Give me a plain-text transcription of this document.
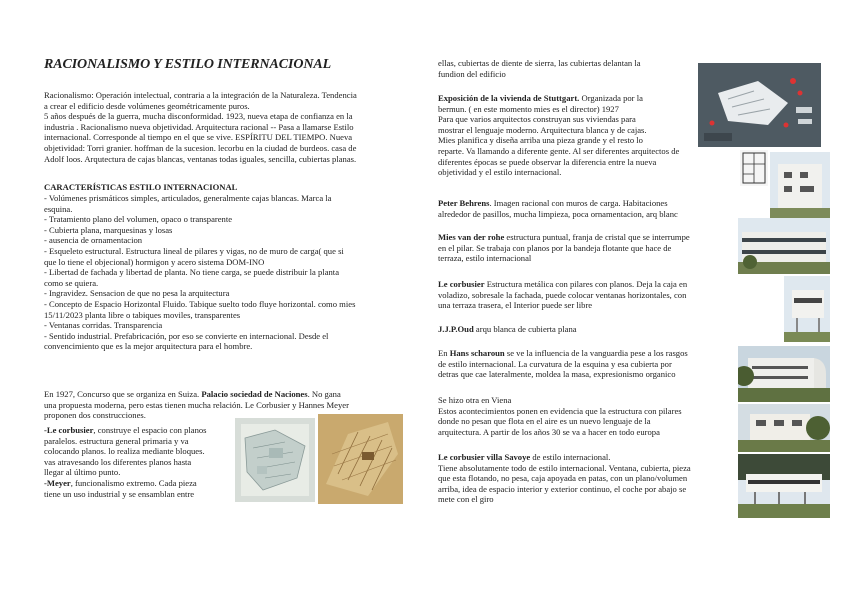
RACIONALISMO Y ESTILO INTERNACIONAL
Racionalismo: Operación intelectual, contraria a la integración de la Naturaleza. Tendencia
a crear el edificio desde volúmenes geométricamente puros.
5 años después de la guerra, mucha disconformidad. 1923, nueva etapa de confianza en la
industria . Racionalismo nueva objetividad. Arquitectura racional -- Pasa a llamarse Estilo
internacional. Corresponde al tiempo en el que se vive. ESPÍRITU DEL TIEMPO. Nueva
objetividad: Torri granier. hoffman de la sucesion. lecorbu en la ciudad de burdeos. casa de
Adolf loos. Arqutectura de cajas blancas, ventanas todas iguales, sencilla, cubiertas planas.
CARACTERÍSTICAS ESTILO INTERNACIONAL
- Volúmenes prismáticos simples, articulados, generalmente cajas blancas. Marca la
esquina.
- Tratamiento plano del volumen, opaco o transparente
- Cubierta plana, marquesinas y losas
- ausencia de ornamentacion
- Esqueleto estructural. Estructura lineal de pilares y vigas, no de muro de carga( que si
que lo tiene el objecional) hormigon y acero sistema DOM-INO
- Libertad de fachada y libertad de planta. No tiene carga, se puede distribuir la planta
como se quiera.
- Ingravidez. Sensacion de que no pesa la arquitectura
- Concepto de Espacio Horizontal Fluido. Tabique suelto todo fluye horizontal. como mies
15/11/2023 planta libre o tabiques moviles, transparentes
- Ventanas corridas. Transparencia
- Sentido industrial. Prefabricación, por eso se convierte en internacional. Desde el
convencimiento que es la mejor arquitectura para el hombre.
En 1927, Concurso que se organiza en Suiza. Palacio sociedad de Naciones. No gana
una propuesta moderna, pero estas tienen mucha relación. Le Corbusier y Hannes Meyer
proponen dos construcciones.
-Le corbusier, construye el espacio con planos
paralelos. estructura general primaria y va
colocando planos. lo realiza mediante bloques.
vas atravesando los diferentes planos hasta
llegar al último punto.
-Meyer, funcionalismo extremo. Cada pieza
tiene un uso industrial y se ensamblan entre
ellas, cubiertas de diente de sierra, las cubiertas delantan la
fundion del edificio
Exposición de la vivienda de Stuttgart. Organizada por la
bermun. ( en este momento mies es el director) 1927
Para que varios arquitectos construyan sus viviendas para
mostrar el lenguaje moderno. Arquitectura blanca y de cajas.
Mies planifica y diseña arriba una pieza grande y el resto lo
reparte. Va llamando a diferente gente. Al ser diferentes arquitectos de
diferentes épocas se puede observar la diferencia entre la nueva
objetividad y el estilo internacional.
Peter Behrens. Imagen racional con muros de carga. Habitaciones
alrededor de pasillos, mucha limpieza, poca ornamentacion, arq blanc
Mies van der rohe estructura puntual, franja de cristal que se interrumpe
en el pilar. Se trabaja con planos por la bandeja flotante que hace de
terraza, estilo internacional
Le corbusier Estructura metálica con pilares con planos. Deja la caja en
voladizo, sobresale la fachada, puede colocar ventanas horizontales, con
una terraza trasera, el Interior puede ser libre
J.J.P.Oud arqu blanca de cubierta plana
En Hans scharoun se ve la influencia de la vanguardia pese a los rasgos
de estilo internacional. La curvatura de la esquina y esa cubierta por
detras que cae lateralmente, moldea la masa, expresionismo organico
Se hizo otra en Viena
Estos acontecimientos ponen en evidencia que la estructura con pilares
donde no pesan que flota en el aire es un nuevo lenguaje de la
arquitectura. A partir de los años 30 se va a hacer en todo europa
Le corbusier villa Savoye de estilo internacional.
Tiene absolutamente todo de estilo internacional. Ventana, cubierta, pieza
que esta flotando, no pesa, caja apoyada en patas, con un plano/volumen
arriba, idea de espacio interior y exterior continuo, el coche por abajo se
mete con el giro
